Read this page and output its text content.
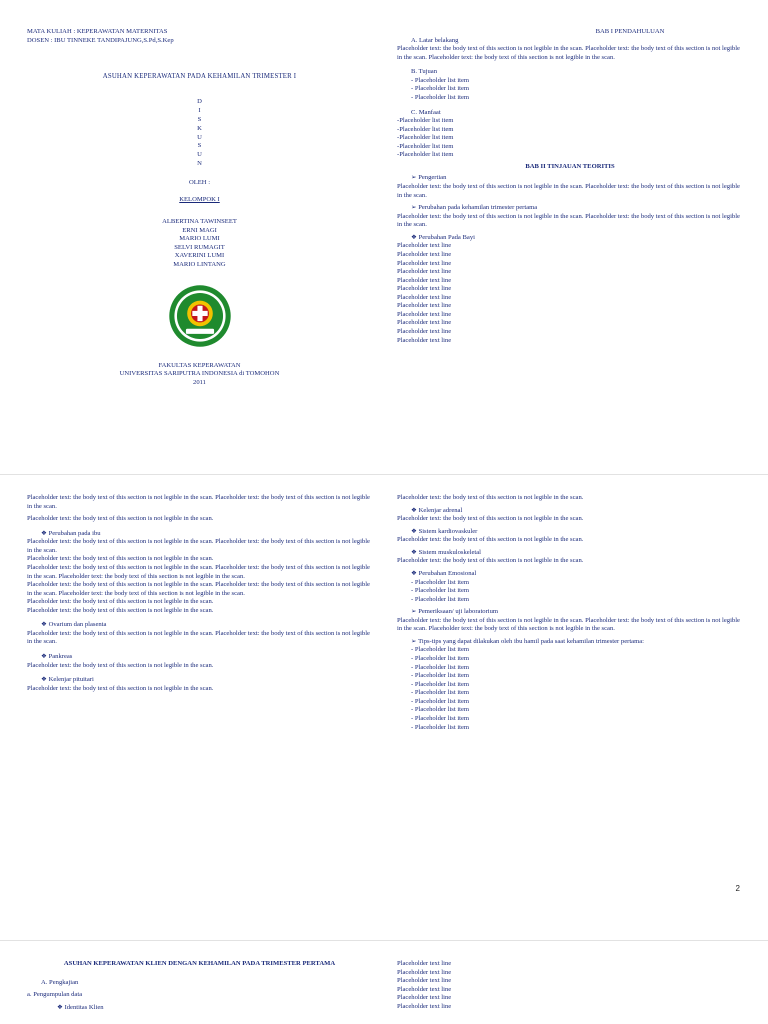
MATA KULIAH : KEPERAWATAN MATERNITAS

DOSEN : IBU TINNEKE TANDIPAJUNG,S.Pd,S.Kep

ASUHAN KEPERAWATAN PADA KEHAMILAN TRIMESTER I

D
I
S
K
U
S
U
N

OLEH :

KELOMPOK I

ALBERTINA TAWINSEET
ERNI MAGI
MARIO LUMI
SELVI RUMAGIT
XAVERINI LUMI
MARIO LINTANG
FAKULTAS KEPERAWATAN
UNIVERSITAS SARIPUTRA INDONESIA di TOMOHON
2011

BAB I PENDAHULUAN

A. Latar belakang

Placeholder text: the body text of this section is not legible in the scan. Placeholder text: the body text of this section is not legible in the scan. Placeholder text: the body text of this section is not legible in the scan.

B. Tujuan

- Placeholder list item

- Placeholder list item

- Placeholder list item

C. Manfaat

-Placeholder list item

-Placeholder list item

-Placeholder list item

-Placeholder list item

-Placeholder list item

BAB II TINJAUAN TEORITIS

➢ Pengertian

Placeholder text: the body text of this section is not legible in the scan. Placeholder text: the body text of this section is not legible in the scan.

➢ Perubahan pada kehamilan trimester pertama

Placeholder text: the body text of this section is not legible in the scan. Placeholder text: the body text of this section is not legible in the scan.

❖ Perubahan Pada Bayi

Placeholder text line

Placeholder text line

Placeholder text line

Placeholder text line

Placeholder text line

Placeholder text line

Placeholder text line

Placeholder text line

Placeholder text line

Placeholder text line

Placeholder text line

Placeholder text line

Placeholder text: the body text of this section is not legible in the scan. Placeholder text: the body text of this section is not legible in the scan.

Placeholder text: the body text of this section is not legible in the scan.

❖ Perubahan pada ibu

Placeholder text: the body text of this section is not legible in the scan. Placeholder text: the body text of this section is not legible in the scan.

Placeholder text: the body text of this section is not legible in the scan.

Placeholder text: the body text of this section is not legible in the scan. Placeholder text: the body text of this section is not legible in the scan. Placeholder text: the body text of this section is not legible in the scan.

Placeholder text: the body text of this section is not legible in the scan. Placeholder text: the body text of this section is not legible in the scan. Placeholder text: the body text of this section is not legible in the scan.

Placeholder text: the body text of this section is not legible in the scan.

Placeholder text: the body text of this section is not legible in the scan.

❖ Ovarium dan plasenta

Placeholder text: the body text of this section is not legible in the scan. Placeholder text: the body text of this section is not legible in the scan.

❖ Pankreas

Placeholder text: the body text of this section is not legible in the scan.

❖ Kelenjar pituitari

Placeholder text: the body text of this section is not legible in the scan.

Placeholder text: the body text of this section is not legible in the scan.

❖ Kelenjar adrenal

Placeholder text: the body text of this section is not legible in the scan.

❖ Sistem kardiovaskuler

Placeholder text: the body text of this section is not legible in the scan.

❖ Sistem muskuloskeletal

Placeholder text: the body text of this section is not legible in the scan.

❖ Perubahan Emosional

- Placeholder list item

- Placeholder list item

- Placeholder list item

➢ Pemeriksaan/ uji laboratorium

Placeholder text: the body text of this section is not legible in the scan. Placeholder text: the body text of this section is not legible in the scan. Placeholder text: the body text of this section is not legible in the scan.

➢ Tips-tips yang dapat dilakukan oleh ibu hamil pada saat kehamilan trimester pertama:

- Placeholder list item

- Placeholder list item

- Placeholder list item

- Placeholder list item

- Placeholder list item

- Placeholder list item

- Placeholder list item

- Placeholder list item

- Placeholder list item

- Placeholder list item

2

ASUHAN KEPERAWATAN KLIEN DENGAN KEHAMILAN PADA TRIMESTER PERTAMA

A. Pengkajian

a. Pengumpulan data

❖ Identitas Klien

Placeholder text line

Placeholder text line

Placeholder text line

Placeholder text line

Placeholder text line

Placeholder text line
